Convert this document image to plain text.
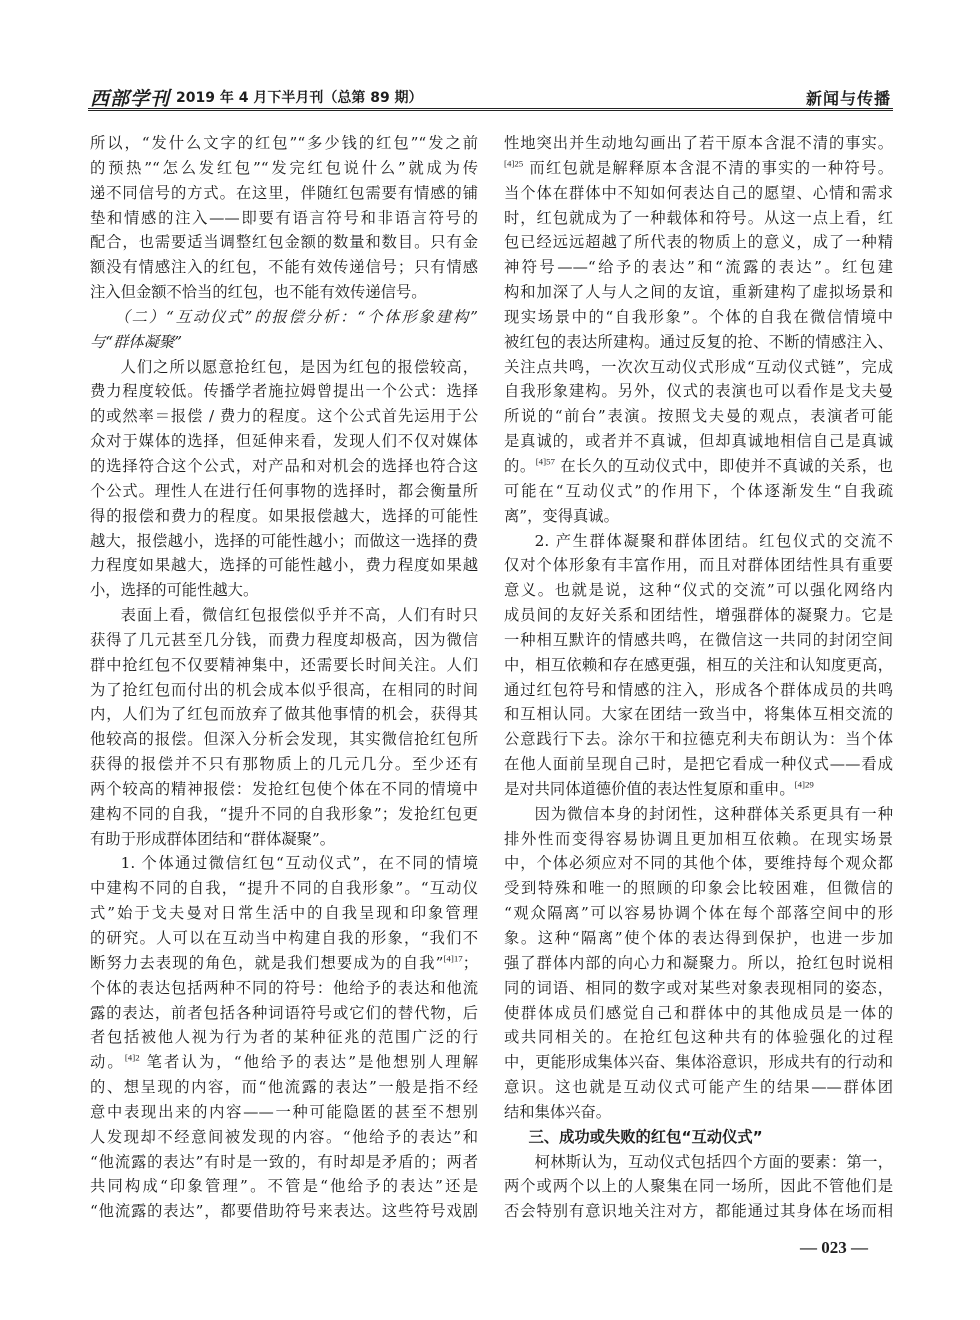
西部学刊 2019 年 4 月下半月刊（总第 89 期）	新闻与传播
所以，“发什么文字的红包”“多少钱的红包”“发之前
的预热”“怎么发红包”“发完红包说什么”就成为传
递不同信号的方式。在这里，伴随红包需要有情感的铺
垫和情感的注入——即要有语言符号和非语言符号的
配合，也需要适当调整红包金额的数量和数目。只有金
额没有情感注入的红包，不能有效传递信号；只有情感
注入但金额不恰当的红包，也不能有效传递信号。
（二）“互动仪式”的报偿分析：“个体形象建构”
与“群体凝聚”
人们之所以愿意抢红包，是因为红包的报偿较高，
费力程度较低。传播学者施拉姆曾提出一个公式：选择
的或然率＝报偿 / 费力的程度。这个公式首先运用于公
众对于媒体的选择，但延伸来看，发现人们不仅对媒体
的选择符合这个公式，对产品和对机会的选择也符合这
个公式。理性人在进行任何事物的选择时，都会衡量所
得的报偿和费力的程度。如果报偿越大，选择的可能性
越大，报偿越小，选择的可能性越小；而做这一选择的费
力程度如果越大，选择的可能性越小，费力程度如果越
小，选择的可能性越大。
表面上看，微信红包报偿似乎并不高，人们有时只
获得了几元甚至几分钱，而费力程度却极高，因为微信
群中抢红包不仅要精神集中，还需要长时间关注。人们
为了抢红包而付出的机会成本似乎很高，在相同的时间
内，人们为了红包而放弃了做其他事情的机会，获得其
他较高的报偿。但深入分析会发现，其实微信抢红包所
获得的报偿并不只有那物质上的几元几分。至少还有
两个较高的精神报偿：发抢红包使个体在不同的情境中
建构不同的自我，“提升不同的自我形象”；发抢红包更
有助于形成群体团结和“群体凝聚”。
1. 个体通过微信红包“互动仪式”，在不同的情境
中建构不同的自我，“提升不同的自我形象”。“互动仪
式”始于戈夫曼对日常生活中的自我呈现和印象管理
的研究。人可以在互动当中构建自我的形象，“我们不
断努力去表现的角色，就是我们想要成为的自我”$^{[4]17}$；
个体的表达包括两种不同的符号：他给予的表达和他流
露的表达，前者包括各种词语符号或它们的替代物，后
者包括被他人视为行为者的某种征兆的范围广泛的行
动。$^{[4]2}$ 笔者认为，“他给予的表达”是他想别人理解
的、想呈现的内容，而“他流露的表达”一般是指不经
意中表现出来的内容——一种可能隐匿的甚至不想别
人发现却不经意间被发现的内容。“他给予的表达”和
“他流露的表达”有时是一致的，有时却是矛盾的；两者
共同构成“印象管理”。不管是“他给予的表达”还是
“他流露的表达”，都要借助符号来表达。这些符号戏剧
性地突出并生动地勾画出了若干原本含混不清的事实。
$^{[4]25}$ 而红包就是解释原本含混不清的事实的一种符号。
当个体在群体中不知如何表达自己的愿望、心情和需求
时，红包就成为了一种载体和符号。从这一点上看，红
包已经远远超越了所代表的物质上的意义，成了一种精
神符号——“给予的表达”和“流露的表达”。红包建
构和加深了人与人之间的友谊，重新建构了虚拟场景和
现实场景中的“自我形象”。个体的自我在微信情境中
被红包的表达所建构。通过反复的抢、不断的情感注入、
关注点共鸣，一次次互动仪式形成“互动仪式链”，完成
自我形象建构。另外，仪式的表演也可以看作是戈夫曼
所说的“前台”表演。按照戈夫曼的观点，表演者可能
是真诚的，或者并不真诚，但却真诚地相信自己是真诚
的。$^{[4]57}$ 在长久的互动仪式中，即使并不真诚的关系，也
可能在“互动仪式”的作用下，个体逐渐发生“自我疏
离”，变得真诚。
2. 产生群体凝聚和群体团结。红包仪式的交流不
仅对个体形象有丰富作用，而且对群体团结性具有重要
意义。也就是说，这种“仪式的交流”可以强化网络内
成员间的友好关系和团结性，增强群体的凝聚力。它是
一种相互默许的情感共鸣，在微信这一共同的封闭空间
中，相互依赖和存在感更强，相互的关注和认知度更高，
通过红包符号和情感的注入，形成各个群体成员的共鸣
和互相认同。大家在团结一致当中，将集体互相交流的
公意践行下去。涂尔干和拉德克利夫布朗认为：当个体
在他人面前呈现自己时，是把它看成一种仪式——看成
是对共同体道德价值的表达性复原和重申。$^{[4]29}$
因为微信本身的封闭性，这种群体关系更具有一种
排外性而变得容易协调且更加相互依赖。在现实场景
中，个体必须应对不同的其他个体，要维持每个观众都
受到特殊和唯一的照顾的印象会比较困难，但微信的
“观众隔离”可以容易协调个体在每个部落空间中的形
象。这种“隔离”使个体的表达得到保护，也进一步加
强了群体内部的向心力和凝聚力。所以，抢红包时说相
同的词语、相同的数字或对某些对象表现相同的姿态，
使群体成员们感觉自己和群体中的其他成员是一体的
或共同相关的。在抢红包这种共有的体验强化的过程
中，更能形成集体兴奋、集体浴意识，形成共有的行动和
意识。这也就是互动仪式可能产生的结果——群体团
结和集体兴奋。
三、成功或失败的红包“互动仪式”
柯林斯认为，互动仪式包括四个方面的要素：第一，
两个或两个以上的人聚集在同一场所，因此不管他们是
否会特别有意识地关注对方，都能通过其身体在场而相
— 023 —
